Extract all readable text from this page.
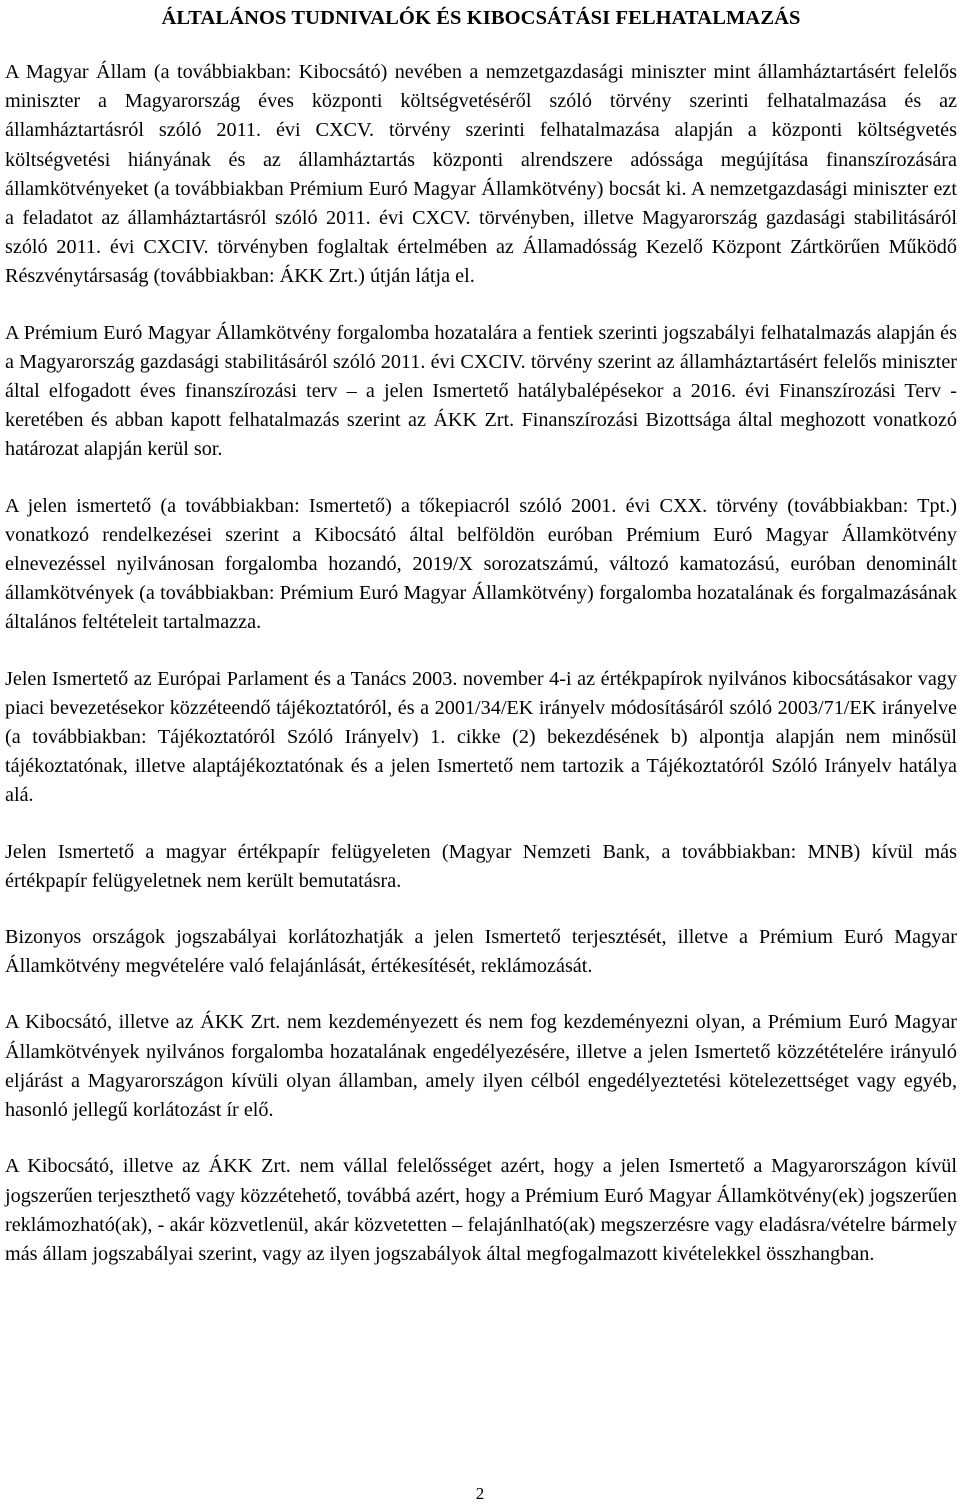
ÁLTALÁNOS TUDNIVALÓK ÉS KIBOCSÁTÁSI FELHATALMAZÁS

A Magyar Állam (a továbbiakban: Kibocsátó) nevében a nemzetgazdasági miniszter mint államháztartásért felelős miniszter a Magyarország éves központi költségvetéséről szóló törvény szerinti felhatalmazása és az államháztartásról szóló 2011. évi CXCV. törvény szerinti felhatalmazása alapján a központi költségvetés költségvetési hiányának és az államháztartás központi alrendszere adóssága megújítása finanszírozására államkötvényeket (a továbbiakban Prémium Euró Magyar Államkötvény) bocsát ki. A nemzetgazdasági miniszter ezt a feladatot az államháztartásról szóló 2011. évi CXCV. törvényben, illetve Magyarország gazdasági stabilitásáról szóló 2011. évi CXCIV. törvényben foglaltak értelmében az Államadósság Kezelő Központ Zártkörűen Működő Részvénytársaság (továbbiakban: ÁKK Zrt.) útján látja el.

A Prémium Euró Magyar Államkötvény forgalomba hozatalára a fentiek szerinti jogszabályi felhatalmazás alapján és a Magyarország gazdasági stabilitásáról szóló 2011. évi CXCIV. törvény szerint az államháztartásért felelős miniszter által elfogadott éves finanszírozási terv – a jelen Ismertető hatálybalépésekor a 2016. évi Finanszírozási Terv - keretében és abban kapott felhatalmazás szerint az ÁKK Zrt. Finanszírozási Bizottsága által meghozott vonatkozó határozat alapján kerül sor.

A jelen ismertető (a továbbiakban: Ismertető) a tőkepiacról szóló 2001. évi CXX. törvény (továbbiakban: Tpt.) vonatkozó rendelkezései szerint a Kibocsátó által belföldön euróban Prémium Euró Magyar Államkötvény elnevezéssel nyilvánosan forgalomba hozandó, 2019/X sorozatszámú, változó kamatozású, euróban denominált államkötvények (a továbbiakban: Prémium Euró Magyar Államkötvény) forgalomba hozatalának és forgalmazásának általános feltételeit tartalmazza.

Jelen Ismertető az Európai Parlament és a Tanács 2003. november 4-i az értékpapírok nyilvános kibocsátásakor vagy piaci bevezetésekor közzéteendő tájékoztatóról, és a 2001/34/EK irányelv módosításáról szóló 2003/71/EK irányelve (a továbbiakban: Tájékoztatóról Szóló Irányelv) 1. cikke (2) bekezdésének b) alpontja alapján nem minősül tájékoztatónak, illetve alaptájékoztatónak és a jelen Ismertető nem tartozik a Tájékoztatóról Szóló Irányelv hatálya alá.

Jelen Ismertető a magyar értékpapír felügyeleten (Magyar Nemzeti Bank, a továbbiakban: MNB) kívül más értékpapír felügyeletnek nem került bemutatásra.

Bizonyos országok jogszabályai korlátozhatják a jelen Ismertető terjesztését, illetve a Prémium Euró Magyar Államkötvény megvételére való felajánlását, értékesítését, reklámozását.

A Kibocsátó, illetve az ÁKK Zrt. nem kezdeményezett és nem fog kezdeményezni olyan, a Prémium Euró Magyar Államkötvények nyilvános forgalomba hozatalának engedélyezésére, illetve a jelen Ismertető közzétételére irányuló eljárást a Magyarországon kívüli olyan államban, amely ilyen célból engedélyeztetési kötelezettséget vagy egyéb, hasonló jellegű korlátozást ír elő.

A Kibocsátó, illetve az ÁKK Zrt. nem vállal felelősséget azért, hogy a jelen Ismertető a Magyarországon kívül jogszerűen terjeszthető vagy közzétehető, továbbá azért, hogy a Prémium Euró Magyar Államkötvény(ek) jogszerűen reklámozható(ak), - akár közvetlenül, akár közvetetten – felajánlható(ak) megszerzésre vagy eladásra/vételre bármely más állam jogszabályai szerint, vagy az ilyen jogszabályok által megfogalmazott kivételekkel összhangban.

2
